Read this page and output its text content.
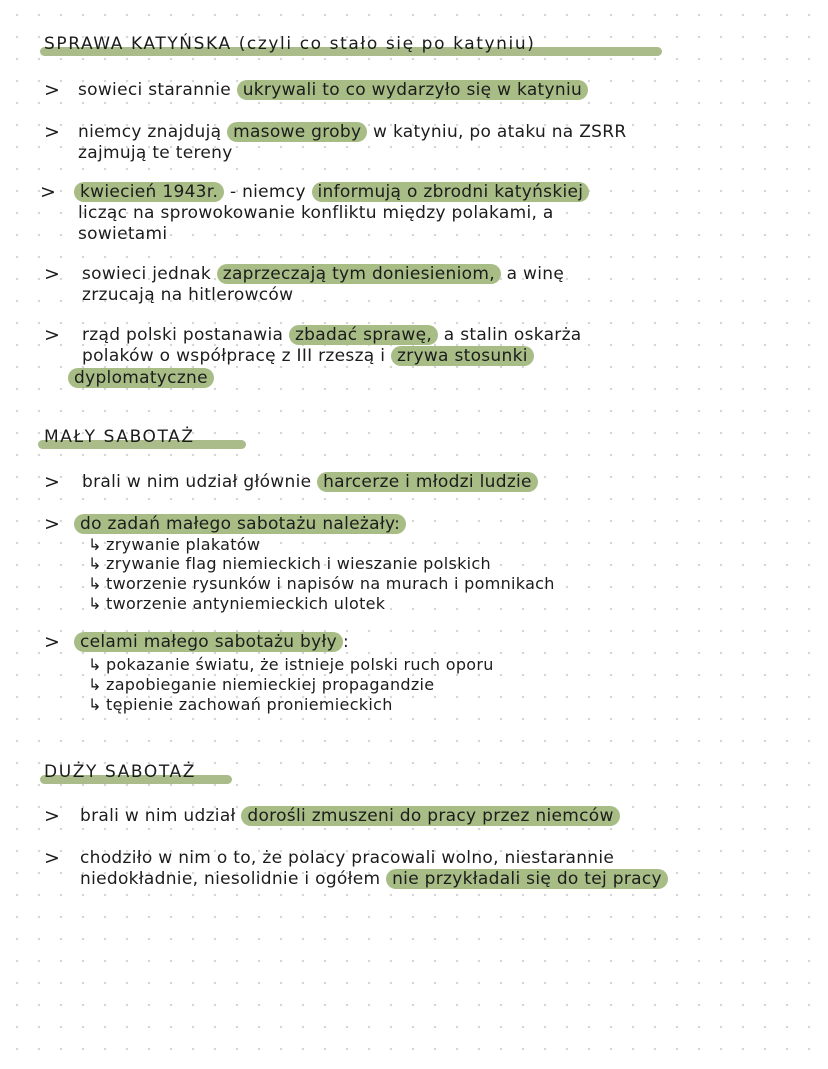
SPRAWA KATYŃSKA (czyli co stało się po katyniu)
> sowieci starannie ukrywali to co wydarzyło się w katyniu
> niemcy znajdują masowe groby w katyniu, po ataku na ZSRR
zajmują te tereny
>	kwiecień 1943r. - niemcy informują o zbrodni katyńskiej
licząc na sprowokowanie konfliktu między polakami, a
sowietami
> sowieci jednak zaprzeczają tym doniesieniom, a winę
zrzucają na hitlerowców
> rząd polski postanawia zbadać sprawę, a stalin oskarża
polaków o współpracę z III rzeszą i zrywa stosunki
dyplomatyczne
MAŁY SABOTAŻ
> brali w nim udział głównie harcerze i młodzi ludzie
>	do zadań małego sabotażu należały:
↳ zrywanie plakatów
↳ zrywanie flag niemieckich i wieszanie polskich
↳ tworzenie rysunków i napisów na murach i pomnikach
↳ tworzenie antyniemieckich ulotek
>	celami małego sabotażu były :
↳ pokazanie światu, że istnieje polski ruch oporu
↳ zapobieganie niemieckiej propagandzie
↳ tępienie zachowań proniemieckich
DUŻY SABOTAŻ
> brali w nim udział dorośli zmuszeni do pracy przez niemców
> chodziło w nim o to, że polacy pracowali wolno, niestarannie
niedokładnie, niesolidnie i ogółem nie przykładali się do tej pracy
